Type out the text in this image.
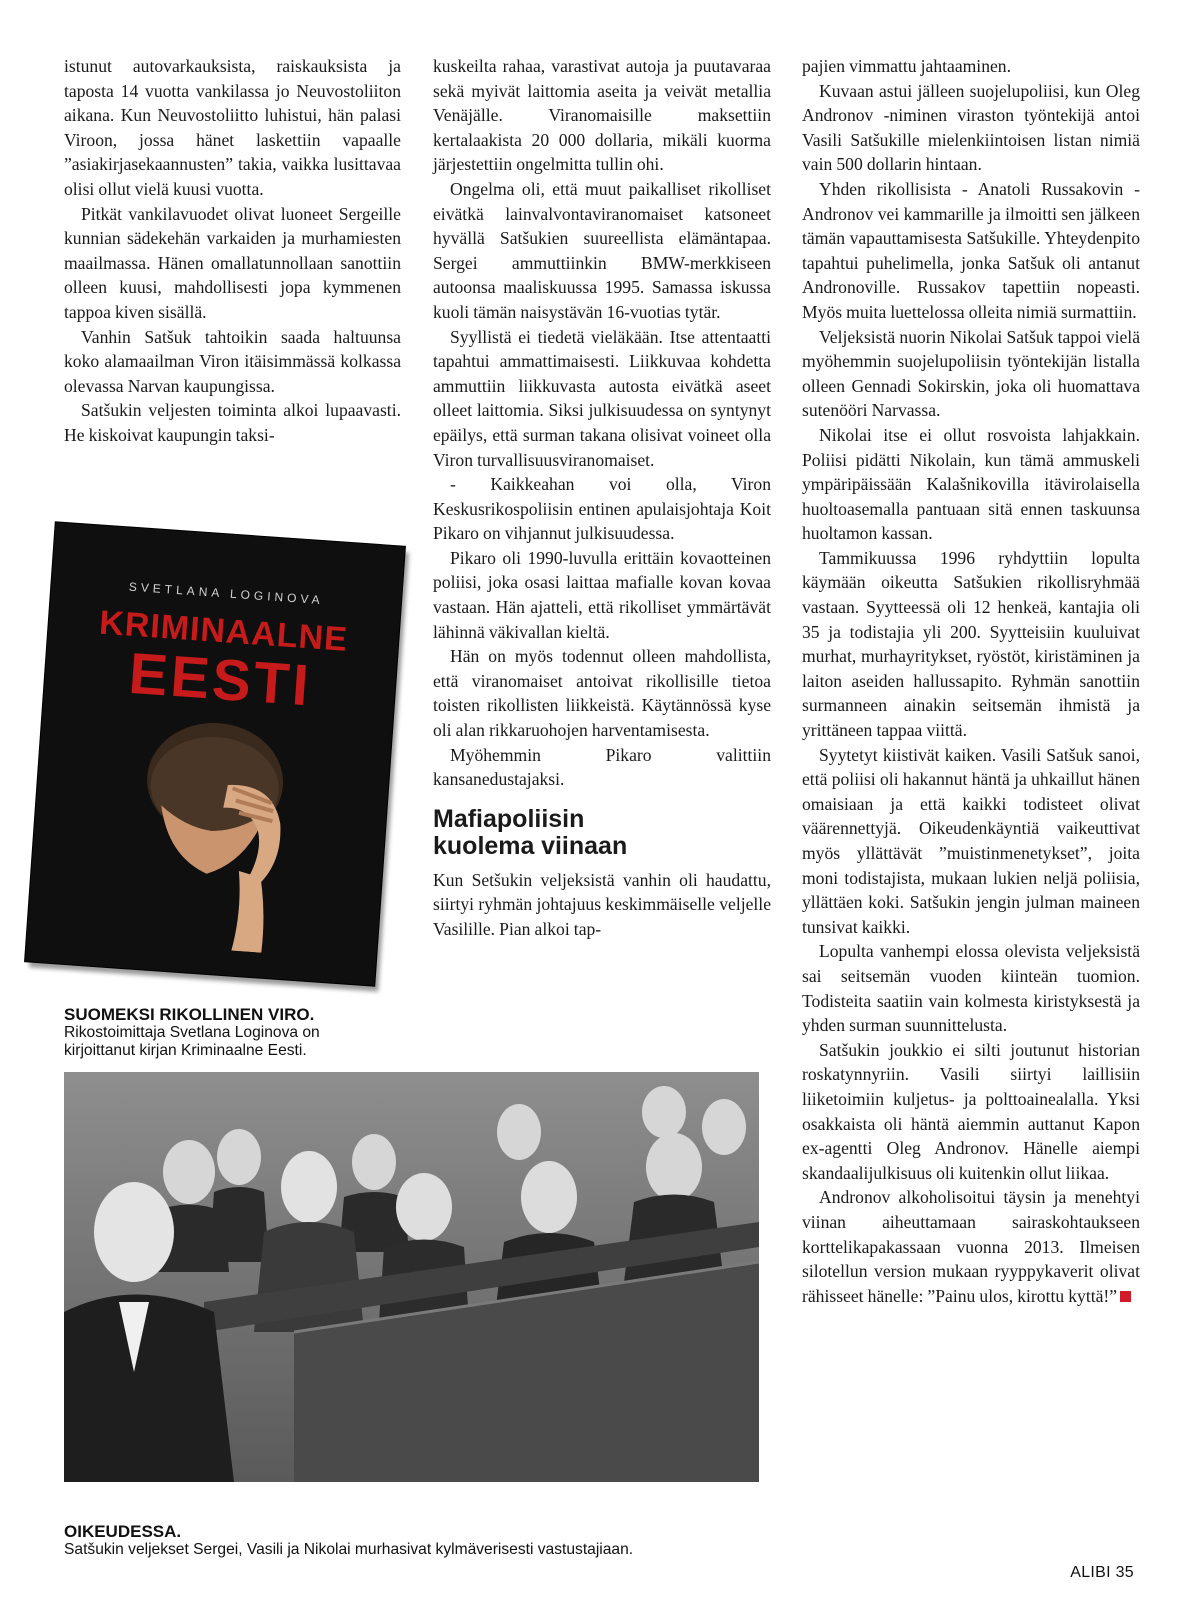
istunut autovarkauksista, raiskauksista ja taposta 14 vuotta vankilassa jo Neuvostoliiton aikana. Kun Neuvostoliitto luhistui, hän palasi Viroon, jossa hänet laskettiin vapaalle ”asiakirjasekaannusten” takia, vaikka lusittavaa olisi ollut vielä kuusi vuotta.

Pitkät vankilavuodet olivat luoneet Sergeille kunnian sädekehän varkaiden ja murhamiesten maailmassa. Hänen omallatunnollaan sanottiin olleen kuusi, mahdollisesti jopa kymmenen tappoa kiven sisällä.

Vanhin Satšuk tahtoikin saada haltuunsa koko alamaailman Viron itäisimmässä kolkassa olevassa Narvan kaupungissa.

Satšukin veljesten toiminta alkoi lupaavasti. He kiskoivat kaupungin taksi-

SVETLANA LOGINOVA
KRIMINAALNE
EESTI
SUOMEKSI RIKOLLINEN VIRO.
Rikostoimittaja Svetlana Loginova on kirjoittanut kirjan Kriminaalne Eesti.

kuskeilta rahaa, varastivat autoja ja puutavaraa sekä myivät laittomia aseita ja veivät metallia Venäjälle. Viranomaisille maksettiin kertalaakista 20 000 dollaria, mikäli kuorma järjestettiin ongelmitta tullin ohi.

Ongelma oli, että muut paikalliset rikolliset eivätkä lainvalvontaviranomaiset katsoneet hyvällä Satšukien suureellista elämäntapaa. Sergei ammuttiinkin BMW-merkkiseen autoonsa maaliskuussa 1995. Samassa iskussa kuoli tämän naisystävän 16-vuotias tytär.

Syyllistä ei tiedetä vieläkään. Itse attentaatti tapahtui ammattimaisesti. Liikkuvaa kohdetta ammuttiin liikkuvasta autosta eivätkä aseet olleet laittomia. Siksi julkisuudessa on syntynyt epäilys, että surman takana olisivat voineet olla Viron turvallisuusviranomaiset.

- Kaikkeahan voi olla, Viron Keskusrikospoliisin entinen apulaisjohtaja Koit Pikaro on vihjannut julkisuudessa.

Pikaro oli 1990-luvulla erittäin kovaotteinen poliisi, joka osasi laittaa mafialle kovan kovaa vastaan. Hän ajatteli, että rikolliset ymmärtävät lähinnä väkivallan kieltä.

Hän on myös todennut olleen mahdollista, että viranomaiset antoivat rikollisille tietoa toisten rikollisten liikkeistä. Käytännössä kyse oli alan rikkaruohojen harventamisesta.

Myöhemmin Pikaro valittiin kansanedustajaksi.

Mafiapoliisin
kuolema viinaan

Kun Setšukin veljeksistä vanhin oli haudattu, siirtyi ryhmän johtajuus keskimmäiselle veljelle Vasilille. Pian alkoi tap-

pajien vimmattu jahtaaminen.

Kuvaan astui jälleen suojelupoliisi, kun Oleg Andronov -niminen viraston työntekijä antoi Vasili Satšukille mielenkiintoisen listan nimiä vain 500 dollarin hintaan.

Yhden rikollisista - Anatoli Russakovin - Andronov vei kammarille ja ilmoitti sen jälkeen tämän vapauttamisesta Satšukille. Yhteydenpito tapahtui puhelimella, jonka Satšuk oli antanut Andronoville. Russakov tapettiin nopeasti. Myös muita luettelossa olleita nimiä surmattiin.

Veljeksistä nuorin Nikolai Satšuk tappoi vielä myöhemmin suojelupoliisin työntekijän listalla olleen Gennadi Sokirskin, joka oli huomattava sutenööri Narvassa.

Nikolai itse ei ollut rosvoista lahjakkain. Poliisi pidätti Nikolain, kun tämä ammuskeli ympäripäissään Kalašnikovilla itävirolaisella huoltoasemalla pantuaan sitä ennen taskuunsa huoltamon kassan.

Tammikuussa 1996 ryhdyttiin lopulta käymään oikeutta Satšukien rikollisryhmää vastaan. Syytteessä oli 12 henkeä, kantajia oli 35 ja todistajia yli 200. Syytteisiin kuuluivat murhat, murhayritykset, ryöstöt, kiristäminen ja laiton aseiden hallussapito. Ryhmän sanottiin surmanneen ainakin seitsemän ihmistä ja yrittäneen tappaa viittä.

Syytetyt kiistivät kaiken. Vasili Satšuk sanoi, että poliisi oli hakannut häntä ja uhkaillut hänen omaisiaan ja että kaikki todisteet olivat väärennettyjä. Oikeudenkäyntiä vaikeuttivat myös yllättävät ”muistinmenetykset”, joita moni todistajista, mukaan lukien neljä poliisia, yllättäen koki. Satšukin jengin julman maineen tunsivat kaikki.

Lopulta vanhempi elossa olevista veljeksistä sai seitsemän vuoden kiinteän tuomion. Todisteita saatiin vain kolmesta kiristyksestä ja yhden surman suunnittelusta.

Satšukin joukkio ei silti joutunut historian roskatynnyriin. Vasili siirtyi laillisiin liiketoimiin kuljetus- ja polttoainealalla. Yksi osakkaista oli häntä aiemmin auttanut Kapon ex-agentti Oleg Andronov. Hänelle aiempi skandaalijulkisuus oli kuitenkin ollut liikaa.

Andronov alkoholisoitui täysin ja menehtyi viinan aiheuttamaan sairaskohtaukseen korttelikapakassaan vuonna 2013. Ilmeisen silotellun version mukaan ryyppykaverit olivat rähisseet hänelle: ”Painu ulos, kirottu kyttä!”

OIKEUDESSA.
Satšukin veljekset Sergei, Vasili ja Nikolai murhasivat kylmäverisesti vastustajiaan.
ALIBI 35
